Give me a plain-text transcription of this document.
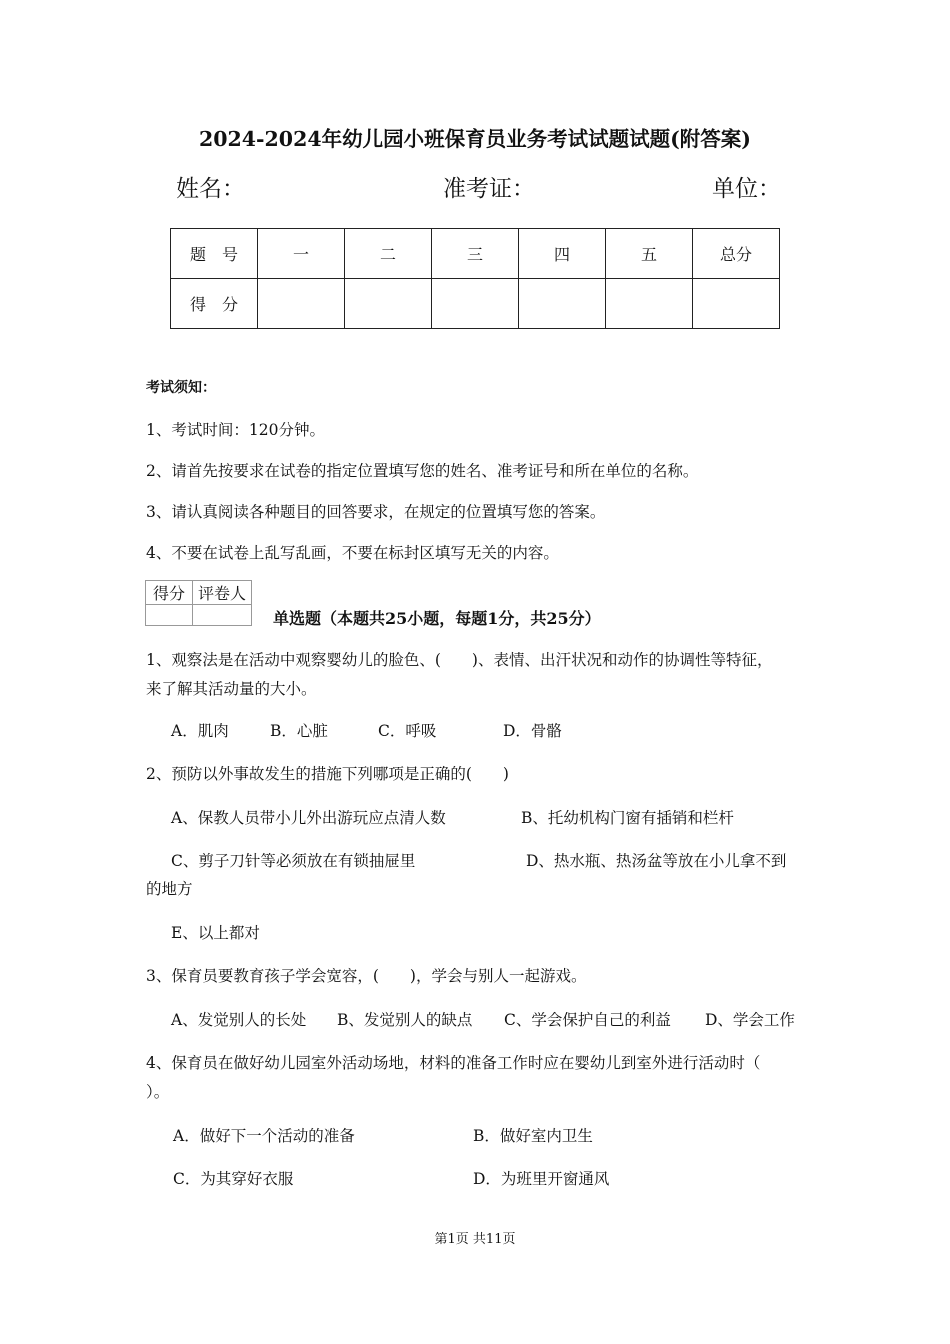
2024-2024年幼儿园小班保育员业务考试试题试题(附答案)
姓名：	准考证：	单位：
题　号	一	二	三	四	五	总分
得　分						
考试须知：
1、考试时间：120分钟。
2、请首先按要求在试卷的指定位置填写您的姓名、准考证号和所在单位的名称。
3、请认真阅读各种题目的回答要求，在规定的位置填写您的答案。
4、不要在试卷上乱写乱画，不要在标封区填写无关的内容。
得分	评卷人

单选题（本题共25小题，每题1分，共25分）
1、观察法是在活动中观察婴幼儿的脸色、(　　)、表情、出汗状况和动作的协调性等特征，
来了解其活动量的大小。
A．肌肉	B．心脏	C．呼吸	D．骨骼
2、预防以外事故发生的措施下列哪项是正确的(　　)
A、保教人员带小儿外出游玩应点清人数	B、托幼机构门窗有插销和栏杆
C、剪子刀针等必须放在有锁抽屉里	D、热水瓶、热汤盆等放在小儿拿不到
的地方
E、以上都对
3、保育员要教育孩子学会宽容，(　　)，学会与别人一起游戏。
A、发觉别人的长处 B、发觉别人的缺点 C、学会保护自己的利益 D、学会工作
4、保育员在做好幼儿园室外活动场地，材料的准备工作时应在婴幼儿到室外进行活动时（
）。
A．做好下一个活动的准备	B．做好室内卫生
C．为其穿好衣服	D．为班里开窗通风
第1页 共11页
